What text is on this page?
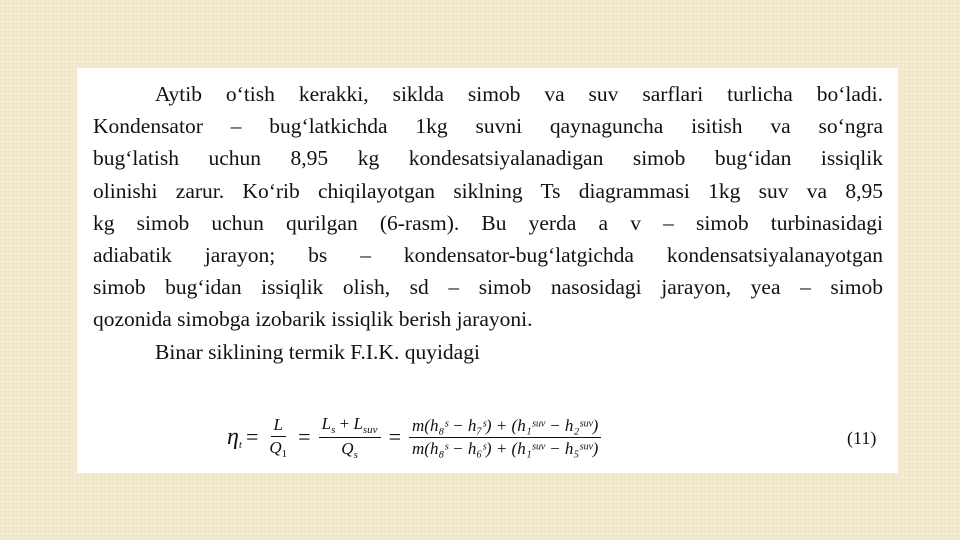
Aytib o‘tish kerakki, siklda simob va suv sarflari turlicha bo‘ladi.
Kondensator – bug‘latkichda 1kg suvni qaynaguncha isitish va so‘ngra
bug‘latish uchun 8,95 kg kondesatsiyalanadigan simob bug‘idan issiqlik
olinishi zarur. Ko‘rib chiqilayotgan siklning Ts diagrammasi 1kg suv va 8,95
kg simob uchun qurilgan (6-rasm). Bu yerda a v – simob turbinasidagi
adiabatik jarayon; bs – kondensator-bug‘latgichda kondensatsiyalanayotgan
simob bug‘idan issiqlik olish, sd – simob nasosidagi jarayon, yea – simob
qozonida simobga izobarik issiqlik berish jarayoni.
Binar siklining termik F.I.K. quyidagi
$\eta_t = \frac{L}{Q_1} = \frac{L_s + L_{suv}}{Q_s} = \frac{\text{m(h₈ˢ − h₇ˢ) + (h₁ˢᵘᵛ − h₂ˢᵘᵛ)}}{\text{m(h₈ˢ − h₆ˢ) + (h₁ˢᵘᵛ − h₅ˢᵘᵛ)}}$	(11)
